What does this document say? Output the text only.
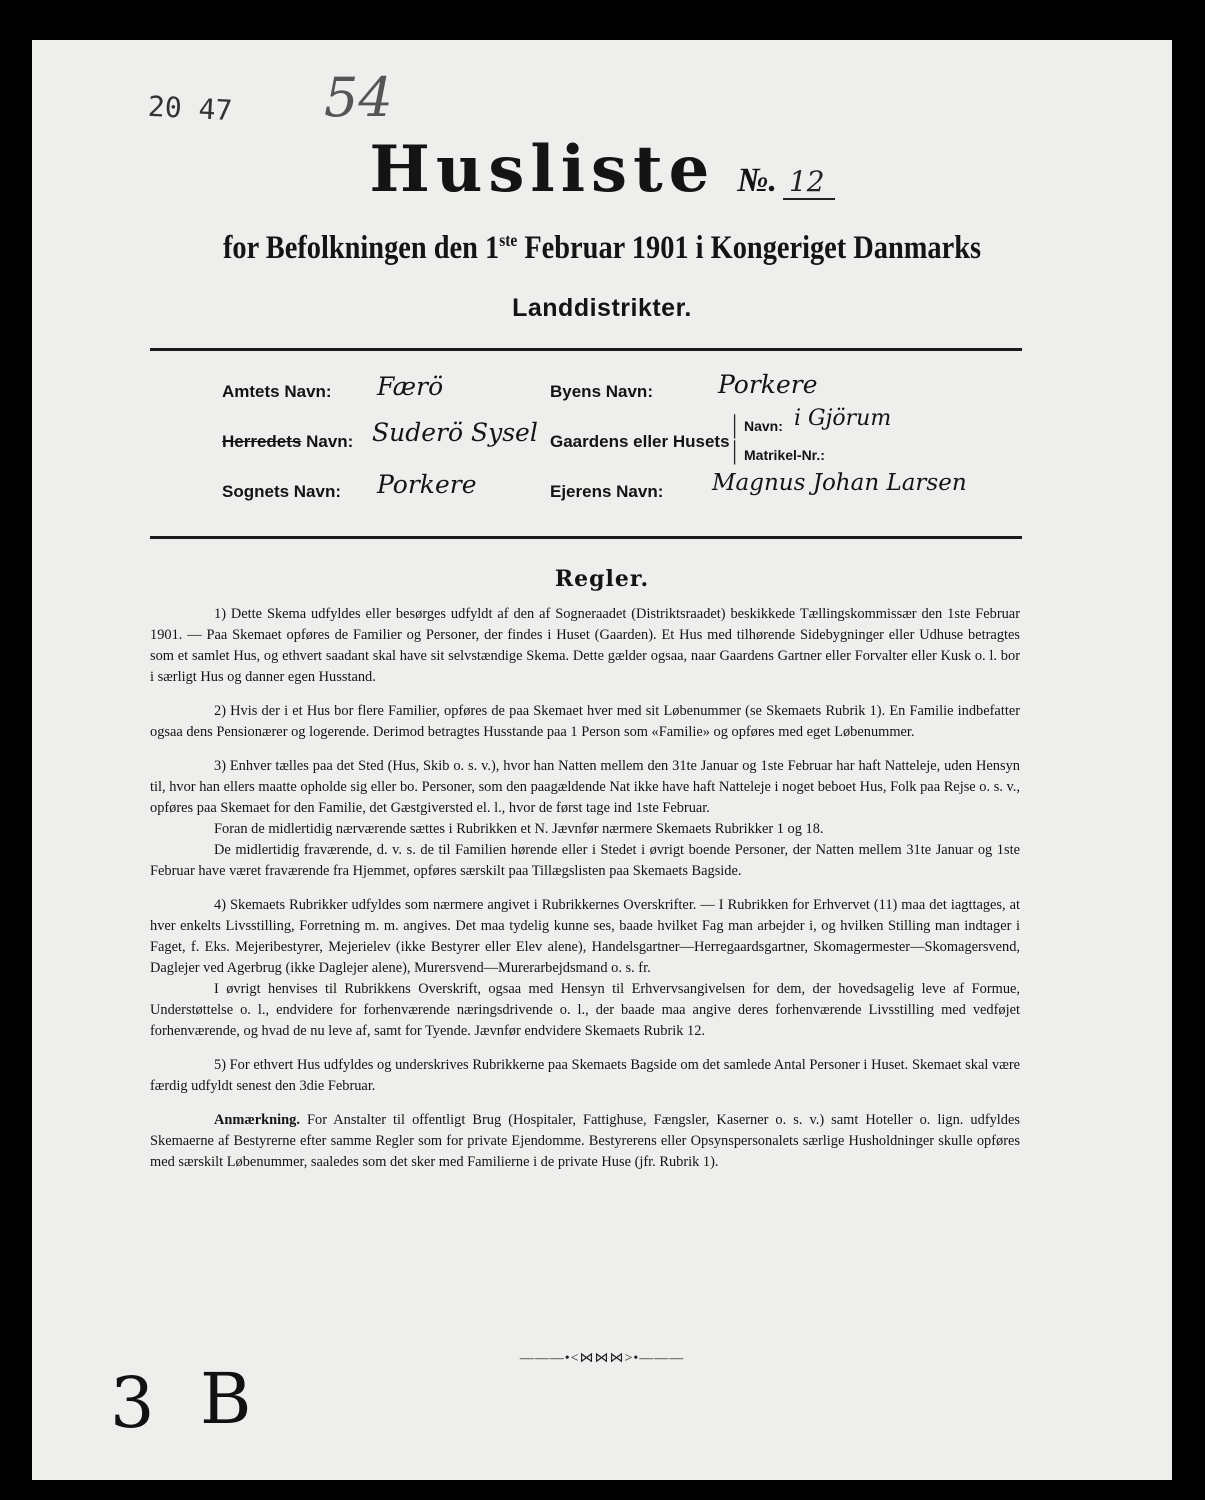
20 47 54
Husliste №. 12
for Befolkningen den 1ste Februar 1901 i Kongeriget Danmarks
Landdistrikter.
Amtets Navn: Færö
Herredets Navn: Suderö Sysel
Sognets Navn: Porkere
Byens Navn:	Porkere
Gaardens eller Husets
|
|
Navn: i Gjörum
Matrikel-Nr.:
Ejerens Navn: Magnus Johan Larsen
Regler.

1) Dette Skema udfyldes eller besørges udfyldt af den af Sogneraadet (Distriktsraadet) beskikkede Tællingskommissær den 1ste Februar 1901. — Paa Skemaet opføres de Familier og Personer, der findes i Huset (Gaarden). Et Hus med tilhørende Sidebygninger eller Udhuse betragtes som et samlet Hus, og ethvert saadant skal have sit selvstændige Skema. Dette gælder ogsaa, naar Gaardens Gartner eller Forvalter eller Kusk o. l. bor i særligt Hus og danner egen Husstand.

2) Hvis der i et Hus bor flere Familier, opføres de paa Skemaet hver med sit Løbenummer (se Skemaets Rubrik 1). En Familie indbefatter ogsaa dens Pensionærer og logerende. Derimod betragtes Husstande paa 1 Person som «Familie» og opføres med eget Løbenummer.

3) Enhver tælles paa det Sted (Hus, Skib o. s. v.), hvor han Natten mellem den 31te Januar og 1ste Februar har haft Natteleje, uden Hensyn til, hvor han ellers maatte opholde sig eller bo. Personer, som den paagældende Nat ikke have haft Natteleje i noget beboet Hus, Folk paa Rejse o. s. v., opføres paa Skemaet for den Familie, det Gæstgiversted el. l., hvor de først tage ind 1ste Februar.

Foran de midlertidig nærværende sættes i Rubrikken et N. Jævnfør nærmere Skemaets Rubrikker 1 og 18.

De midlertidig fraværende, d. v. s. de til Familien hørende eller i Stedet i øvrigt boende Personer, der Natten mellem 31te Januar og 1ste Februar have været fraværende fra Hjemmet, opføres særskilt paa Tillægslisten paa Skemaets Bagside.

4) Skemaets Rubrikker udfyldes som nærmere angivet i Rubrikkernes Overskrifter. — I Rubrikken for Erhvervet (11) maa det iagttages, at hver enkelts Livsstilling, Forretning m. m. angives. Det maa tydelig kunne ses, baade hvilket Fag man arbejder i, og hvilken Stilling man indtager i Faget, f. Eks. Mejeribestyrer, Mejerielev (ikke Bestyrer eller Elev alene), Handelsgartner—Herregaardsgartner, Skomagermester—Skomagersvend, Daglejer ved Agerbrug (ikke Daglejer alene), Murersvend—Murerarbejdsmand o. s. fr.

I øvrigt henvises til Rubrikkens Overskrift, ogsaa med Hensyn til Erhvervsangivelsen for dem, der hovedsagelig leve af Formue, Understøttelse o. l., endvidere for forhenværende næringsdrivende o. l., der baade maa angive deres forhenværende Livsstilling med vedføjet forhenværende, og hvad de nu leve af, samt for Tyende. Jævnfør endvidere Skemaets Rubrik 12.

5) For ethvert Hus udfyldes og underskrives Rubrikkerne paa Skemaets Bagside om det samlede Antal Personer i Huset. Skemaet skal være færdig udfyldt senest den 3die Februar.

Anmærkning. For Anstalter til offentligt Brug (Hospitaler, Fattighuse, Fængsler, Kaserner o. s. v.) samt Hoteller o. lign. udfyldes Skemaerne af Bestyrerne efter samme Regler som for private Ejendomme. Bestyrerens eller Opsynspersonalets særlige Husholdninger skulle opføres med særskilt Løbenummer, saaledes som det sker med Familierne i de private Huse (jfr. Rubrik 1).

———•<⋈⋈⋈>•———
3 B
